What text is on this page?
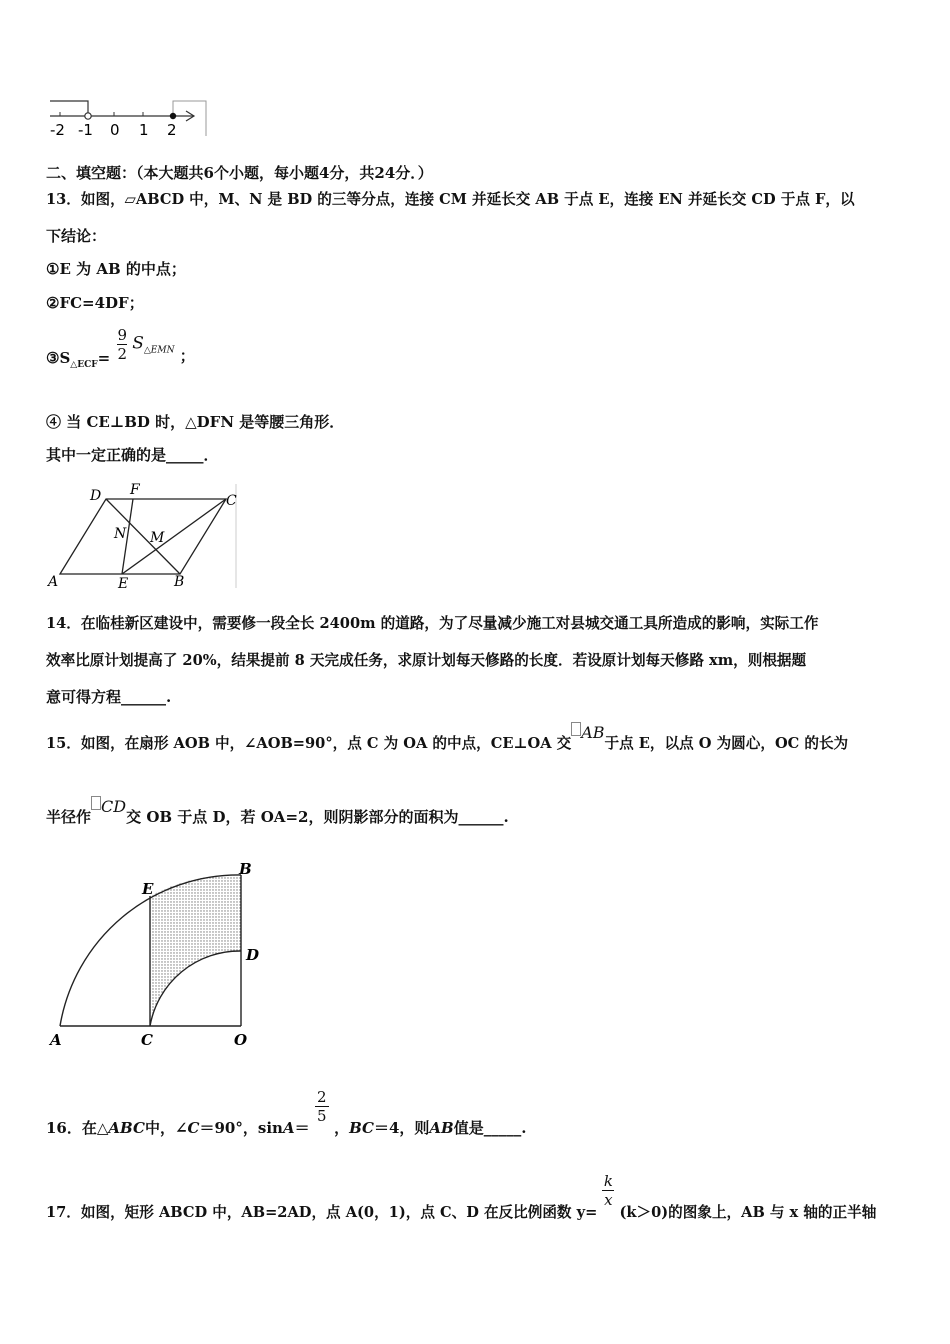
-2 -1 0 1 2
二、填空题：（本大题共6个小题，每小题4分，共24分．）
13．如图，▱ABCD 中，M、N 是 BD 的三等分点，连接 CM 并延长交 AB 于点 E，连接 EN 并延长交 CD 于点 F，以
下结论：
①E 为 AB 的中点；
②FC=4DF；
$③S_{\triangle ECF}= \frac{9}{2} S_{\triangle EMN}$ ；
④ 当 CE⊥BD 时，△DFN 是等腰三角形．
其中一定正确的是_____．
D F
C
N M
A	E	B
14．在临桂新区建设中，需要修一段全长 2400m 的道路，为了尽量减少施工对县城交通工具所造成的影响，实际工作
效率比原计划提高了 20%，结果提前 8 天完成任务，求原计划每天修路的长度．若设原计划每天修路 xm，则根据题
意可得方程______.
15．如图，在扇形 AOB 中，∠AOB=90°，点 C 为 OA 的中点，CE⊥OA 交AB于点 E，以点 O 为圆心，OC 的长为
半径作CD交 OB 于点 D，若 OA=2，则阴影部分的面积为______.
E
B
D
A	C	O
16．在△ABC中，∠C＝90°，sinA＝
$\frac{2}{5}$
，BC＝4，则AB值是_____.
17．如图，矩形 ABCD 中，AB=2AD，点 A(0，1)，点 C、D 在反比例函数 y=
$\frac{k}{x}$
(k＞0)的图象上，AB 与 x 轴的正半轴
